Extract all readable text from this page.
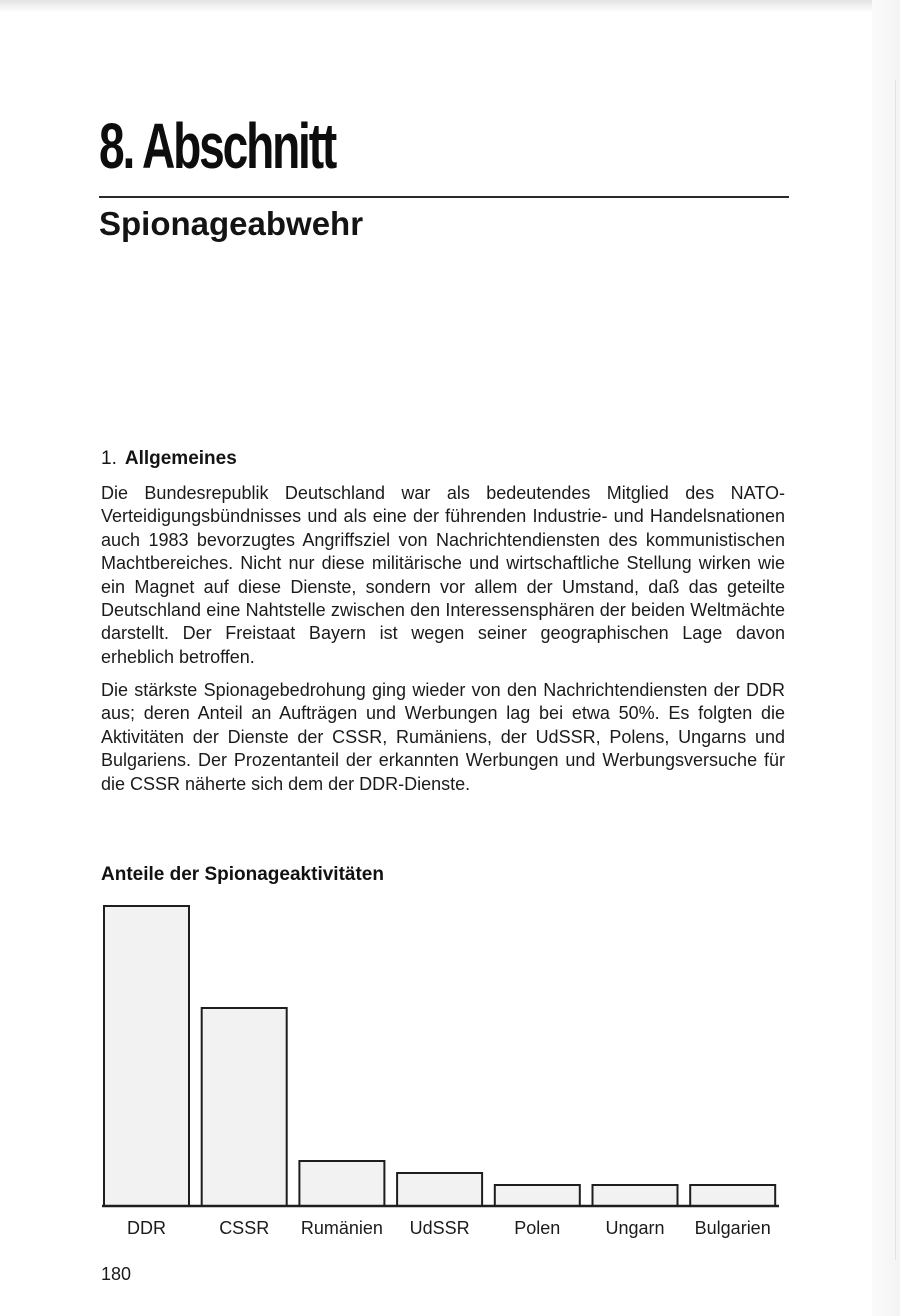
8. Abschnitt
Spionageabwehr
1. Allgemeines

Die Bundesrepublik Deutschland war als bedeutendes Mitglied des NATO-Verteidigungsbündnisses und als eine der führenden Industrie- und Handelsnationen auch 1983 bevorzugtes Angriffsziel von Nachrichtendiensten des kommunistischen Machtbereiches. Nicht nur diese militärische und wirtschaftliche Stellung wirken wie ein Magnet auf diese Dienste, sondern vor allem der Umstand, daß das geteilte Deutschland eine Nahtstelle zwischen den Interessensphären der beiden Weltmächte darstellt. Der Freistaat Bayern ist wegen seiner geographischen Lage davon erheblich betroffen.

Die stärkste Spionagebedrohung ging wieder von den Nachrichtendiensten der DDR aus; deren Anteil an Aufträgen und Werbungen lag bei etwa 50%. Es folgten die Aktivitäten der Dienste der CSSR, Rumäniens, der UdSSR, Polens, Ungarns und Bulgariens. Der Prozentanteil der erkannten Werbungen und Werbungsversuche für die CSSR näherte sich dem der DDR-Dienste.

Anteile der Spionageaktivitäten
DDR	CSSR Rumänien UdSSR Polen	Ungarn Bulgarien

180
